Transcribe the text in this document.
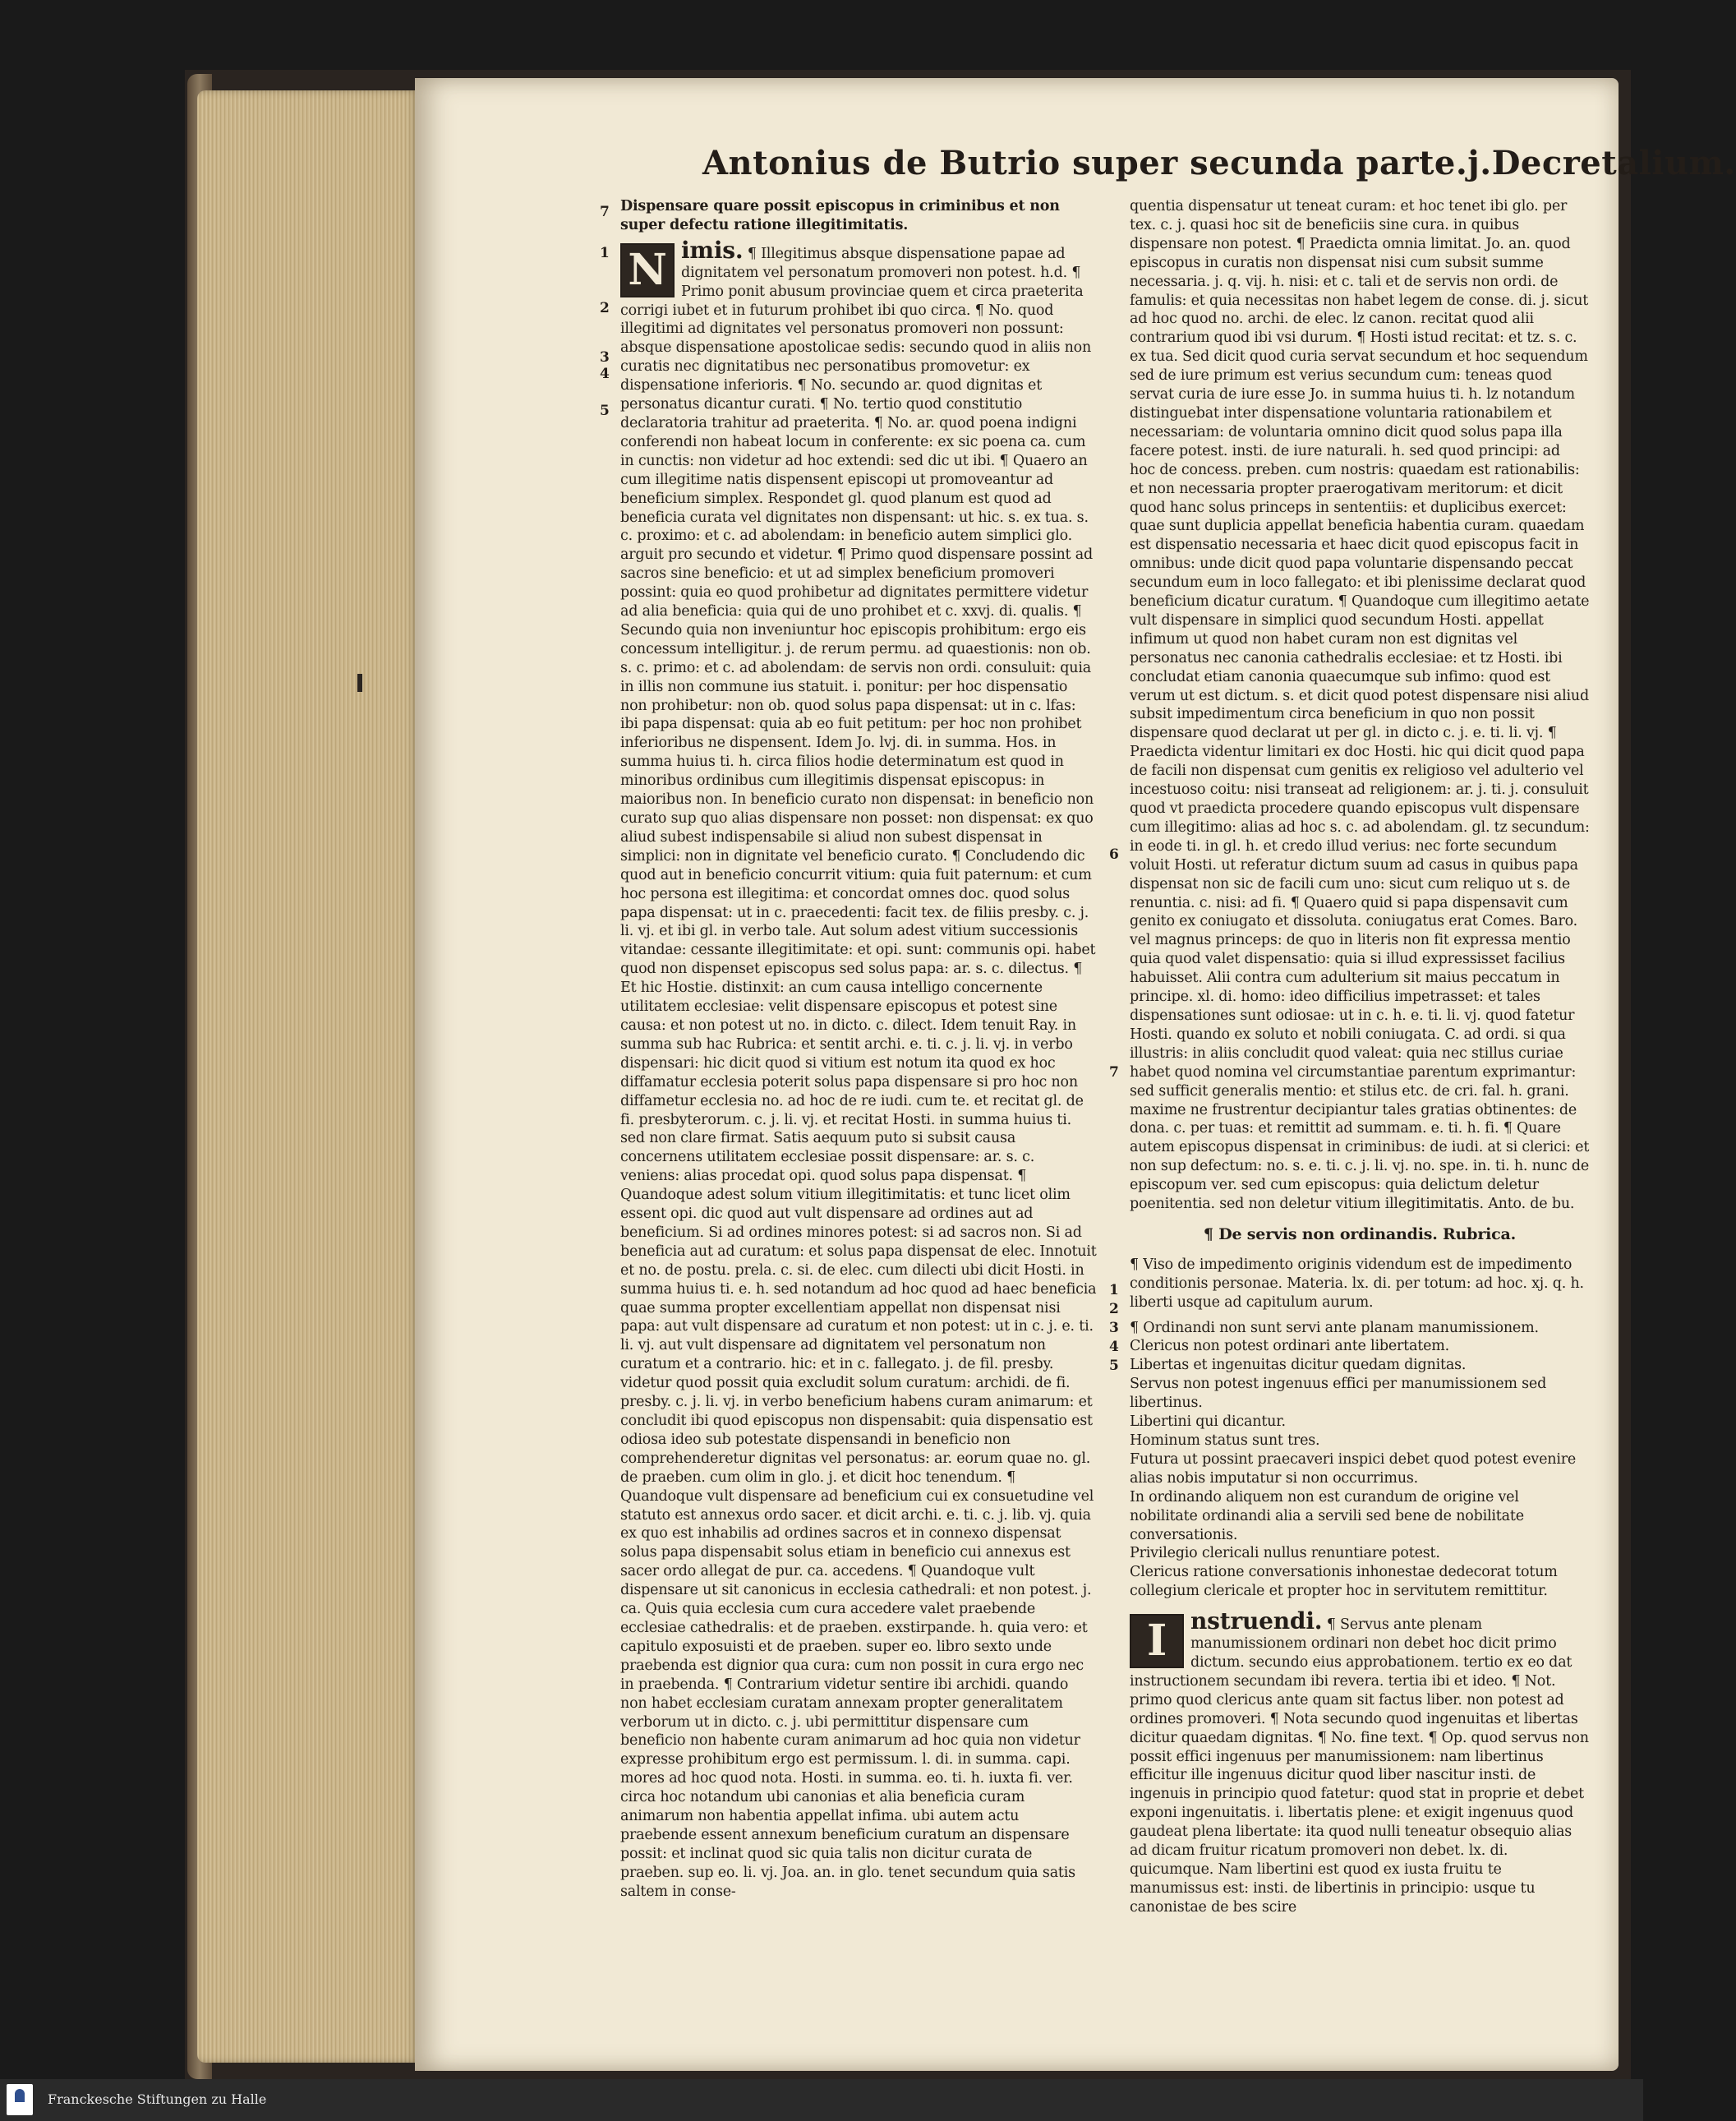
Antonius de Butrio super secunda parte.j.Decretalium.
7
1
2
3
4
5

Dispensare quare possit episcopus in criminibus et non super defectu ratione illegitimitatis.

N imis. ¶ Illegitimus absque dispensatione papae ad dignitatem vel personatum promoveri non potest. h.d. ¶ Primo ponit abusum provinciae quem et circa praeterita corrigi iubet et in futurum prohibet ibi quo circa. ¶ No. quod illegitimi ad dignitates vel personatus promoveri non possunt: absque dispensatione apostolicae sedis: secundo quod in aliis non curatis nec dignitatibus nec personatibus promovetur: ex dispensatione inferioris. ¶ No. secundo ar. quod dignitas et personatus dicantur curati. ¶ No. tertio quod constitutio declaratoria trahitur ad praeterita. ¶ No. ar. quod poena indigni conferendi non habeat locum in conferente: ex sic poena ca. cum in cunctis: non videtur ad hoc extendi: sed dic ut ibi. ¶ Quaero an cum illegitime natis dispensent episcopi ut promoveantur ad beneficium simplex. Respondet gl. quod planum est quod ad beneficia curata vel dignitates non dispensant: ut hic. s. ex tua. s. c. proximo: et c. ad abolendam: in beneficio autem simplici glo. arguit pro secundo et videtur. ¶ Primo quod dispensare possint ad sacros sine beneficio: et ut ad simplex beneficium promoveri possint: quia eo quod prohibetur ad dignitates permittere videtur ad alia beneficia: quia qui de uno prohibet et c. xxvj. di. qualis. ¶ Secundo quia non inveniuntur hoc episcopis prohibitum: ergo eis concessum intelligitur. j. de rerum permu. ad quaestionis: non ob. s. c. primo: et c. ad abolendam: de servis non ordi. consuluit: quia in illis non commune ius statuit. i. ponitur: per hoc dispensatio non prohibetur: non ob. quod solus papa dispensat: ut in c. lfas: ibi papa dispensat: quia ab eo fuit petitum: per hoc non prohibet inferioribus ne dispensent. Idem Jo. lvj. di. in summa. Hos. in summa huius ti. h. circa filios hodie determinatum est quod in minoribus ordinibus cum illegitimis dispensat episcopus: in maioribus non. In beneficio curato non dispensat: in beneficio non curato sup quo alias dispensare non posset: non dispensat: ex quo aliud subest indispensabile si aliud non subest dispensat in simplici: non in dignitate vel beneficio curato. ¶ Concludendo dic quod aut in beneficio concurrit vitium: quia fuit paternum: et cum hoc persona est illegitima: et concordat omnes doc. quod solus papa dispensat: ut in c. praecedenti: facit tex. de filiis presby. c. j. li. vj. et ibi gl. in verbo tale. Aut solum adest vitium successionis vitandae: cessante illegitimitate: et opi. sunt: communis opi. habet quod non dispenset episcopus sed solus papa: ar. s. c. dilectus. ¶ Et hic Hostie. distinxit: an cum causa intelligo concernente utilitatem ecclesiae: velit dispensare episcopus et potest sine causa: et non potest ut no. in dicto. c. dilect. Idem tenuit Ray. in summa sub hac Rubrica: et sentit archi. e. ti. c. j. li. vj. in verbo dispensari: hic dicit quod si vitium est notum ita quod ex hoc diffamatur ecclesia poterit solus papa dispensare si pro hoc non diffametur ecclesia no. ad hoc de re iudi. cum te. et recitat gl. de fi. presbyterorum. c. j. li. vj. et recitat Hosti. in summa huius ti. sed non clare firmat. Satis aequum puto si subsit causa concernens utilitatem ecclesiae possit dispensare: ar. s. c. veniens: alias procedat opi. quod solus papa dispensat. ¶ Quandoque adest solum vitium illegitimitatis: et tunc licet olim essent opi. dic quod aut vult dispensare ad ordines aut ad beneficium. Si ad ordines minores potest: si ad sacros non. Si ad beneficia aut ad curatum: et solus papa dispensat de elec. Innotuit et no. de postu. prela. c. si. de elec. cum dilecti ubi dicit Hosti. in summa huius ti. e. h. sed notandum ad hoc quod ad haec beneficia quae summa propter excellentiam appellat non dispensat nisi papa: aut vult dispensare ad curatum et non potest: ut in c. j. e. ti. li. vj. aut vult dispensare ad dignitatem vel personatum non curatum et a contrario. hic: et in c. fallegato. j. de fil. presby. videtur quod possit quia excludit solum curatum: archidi. de fi. presby. c. j. li. vj. in verbo beneficium habens curam animarum: et concludit ibi quod episcopus non dispensabit: quia dispensatio est odiosa ideo sub potestate dispensandi in beneficio non comprehenderetur dignitas vel personatus: ar. eorum quae no. gl. de praeben. cum olim in glo. j. et dicit hoc tenendum. ¶ Quandoque vult dispensare ad beneficium cui ex consuetudine vel statuto est annexus ordo sacer. et dicit archi. e. ti. c. j. lib. vj. quia ex quo est inhabilis ad ordines sacros et in connexo dispensat solus papa dispensabit solus etiam in beneficio cui annexus est sacer ordo allegat de pur. ca. accedens. ¶ Quandoque vult dispensare ut sit canonicus in ecclesia cathedrali: et non potest. j. ca. Quis quia ecclesia cum cura accedere valet praebende ecclesiae cathedralis: et de praeben. exstirpande. h. quia vero: et capitulo exposuisti et de praeben. super eo. libro sexto unde praebenda est dignior qua cura: cum non possit in cura ergo nec in praebenda. ¶ Contrarium videtur sentire ibi archidi. quando non habet ecclesiam curatam annexam propter generalitatem verborum ut in dicto. c. j. ubi permittitur dispensare cum beneficio non habente curam animarum ad hoc quia non videtur expresse prohibitum ergo est permissum. l. di. in summa. capi. mores ad hoc quod nota. Hosti. in summa. eo. ti. h. iuxta fi. ver. circa hoc notandum ubi canonias et alia beneficia curam animarum non habentia appellat infima. ubi autem actu praebende essent annexum beneficium curatum an dispensare possit: et inclinat quod sic quia talis non dicitur curata de praeben. sup eo. li. vj. Joa. an. in glo. tenet secundum quia satis saltem in conse-
6
7
1
2
3
4
5

quentia dispensatur ut teneat curam: et hoc tenet ibi glo. per tex. c. j. quasi hoc sit de beneficiis sine cura. in quibus dispensare non potest. ¶ Praedicta omnia limitat. Jo. an. quod episcopus in curatis non dispensat nisi cum subsit summe necessaria. j. q. vij. h. nisi: et c. tali et de servis non ordi. de famulis: et quia necessitas non habet legem de conse. di. j. sicut ad hoc quod no. archi. de elec. lz canon. recitat quod alii contrarium quod ibi vsi durum. ¶ Hosti istud recitat: et tz. s. c. ex tua. Sed dicit quod curia servat secundum et hoc sequendum sed de iure primum est verius secundum cum: teneas quod servat curia de iure esse Jo. in summa huius ti. h. lz notandum distinguebat inter dispensatione voluntaria rationabilem et necessariam: de voluntaria omnino dicit quod solus papa illa facere potest. insti. de iure naturali. h. sed quod principi: ad hoc de concess. preben. cum nostris: quaedam est rationabilis: et non necessaria propter praerogativam meritorum: et dicit quod hanc solus princeps in sententiis: et duplicibus exercet: quae sunt duplicia appellat beneficia habentia curam. quaedam est dispensatio necessaria et haec dicit quod episcopus facit in omnibus: unde dicit quod papa voluntarie dispensando peccat secundum eum in loco fallegato: et ibi plenissime declarat quod beneficium dicatur curatum. ¶ Quandoque cum illegitimo aetate vult dispensare in simplici quod secundum Hosti. appellat infimum ut quod non habet curam non est dignitas vel personatus nec canonia cathedralis ecclesiae: et tz Hosti. ibi concludat etiam canonia quaecumque sub infimo: quod est verum ut est dictum. s. et dicit quod potest dispensare nisi aliud subsit impedimentum circa beneficium in quo non possit dispensare quod declarat ut per gl. in dicto c. j. e. ti. li. vj. ¶ Praedicta videntur limitari ex doc Hosti. hic qui dicit quod papa de facili non dispensat cum genitis ex religioso vel adulterio vel incestuoso coitu: nisi transeat ad religionem: ar. j. ti. j. consuluit quod vt praedicta procedere quando episcopus vult dispensare cum illegitimo: alias ad hoc s. c. ad abolendam. gl. tz secundum: in eode ti. in gl. h. et credo illud verius: nec forte secundum voluit Hosti. ut referatur dictum suum ad casus in quibus papa dispensat non sic de facili cum uno: sicut cum reliquo ut s. de renuntia. c. nisi: ad fi. ¶ Quaero quid si papa dispensavit cum genito ex coniugato et dissoluta. coniugatus erat Comes. Baro. vel magnus princeps: de quo in literis non fit expressa mentio quia quod valet dispensatio: quia si illud expressisset facilius habuisset. Alii contra cum adulterium sit maius peccatum in principe. xl. di. homo: ideo difficilius impetrasset: et tales dispensationes sunt odiosae: ut in c. h. e. ti. li. vj. quod fatetur Hosti. quando ex soluto et nobili coniugata. C. ad ordi. si qua illustris: in aliis concludit quod valeat: quia nec stillus curiae habet quod nomina vel circumstantiae parentum exprimantur: sed sufficit generalis mentio: et stilus etc. de cri. fal. h. grani. maxime ne frustrentur decipiantur tales gratias obtinentes: de dona. c. per tuas: et remittit ad summam. e. ti. h. fi. ¶ Quare autem episcopus dispensat in criminibus: de iudi. at si clerici: et non sup defectum: no. s. e. ti. c. j. li. vj. no. spe. in. ti. h. nunc de episcopum ver. sed cum episcopus: quia delictum deletur poenitentia. sed non deletur vitium illegitimitatis. Anto. de bu.

¶ De servis non ordinandis. Rubrica.

¶ Viso de impedimento originis videndum est de impedimento conditionis personae. Materia. lx. di. per totum: ad hoc. xj. q. h. liberti usque ad capitulum aurum.

¶ Ordinandi non sunt servi ante planam manumissionem.
Clericus non potest ordinari ante libertatem.
Libertas et ingenuitas dicitur quedam dignitas.
Servus non potest ingenuus effici per manumissionem sed libertinus.
Libertini qui dicantur.
Hominum status sunt tres.
Futura ut possint praecaveri inspici debet quod potest evenire alias nobis imputatur si non occurrimus.
In ordinando aliquem non est curandum de origine vel nobilitate ordinandi alia a servili sed bene de nobilitate conversationis.
Privilegio clericali nullus renuntiare potest.
Clericus ratione conversationis inhonestae dedecorat totum collegium clericale et propter hoc in servitutem remittitur.
I	nstruendi. ¶ Servus ante plenam manumissionem ordinari non debet hoc dicit primo dictum. secundo eius approbationem. tertio ex eo dat instructionem secundam ibi revera. tertia ibi et ideo. ¶ Not. primo quod clericus ante quam sit factus liber. non potest ad ordines promoveri. ¶ Nota secundo quod ingenuitas et libertas dicitur quaedam dignitas. ¶ No. fine text. ¶ Op. quod servus non possit effici ingenuus per manumissionem: nam libertinus efficitur ille ingenuus dicitur quod liber nascitur insti. de ingenuis in principio quod fatetur: quod stat in proprie et debet exponi ingenuitatis. i. libertatis plene: et exigit ingenuus quod gaudeat plena libertate: ita quod nulli teneatur obsequio alias ad dicam fruitur ricatum promoveri non debet. lx. di. quicumque. Nam libertini est quod ex iusta fruitu te manumissus est: insti. de libertinis in principio: usque tu canonistae de bes scire
Franckesche Stiftungen zu Halle
